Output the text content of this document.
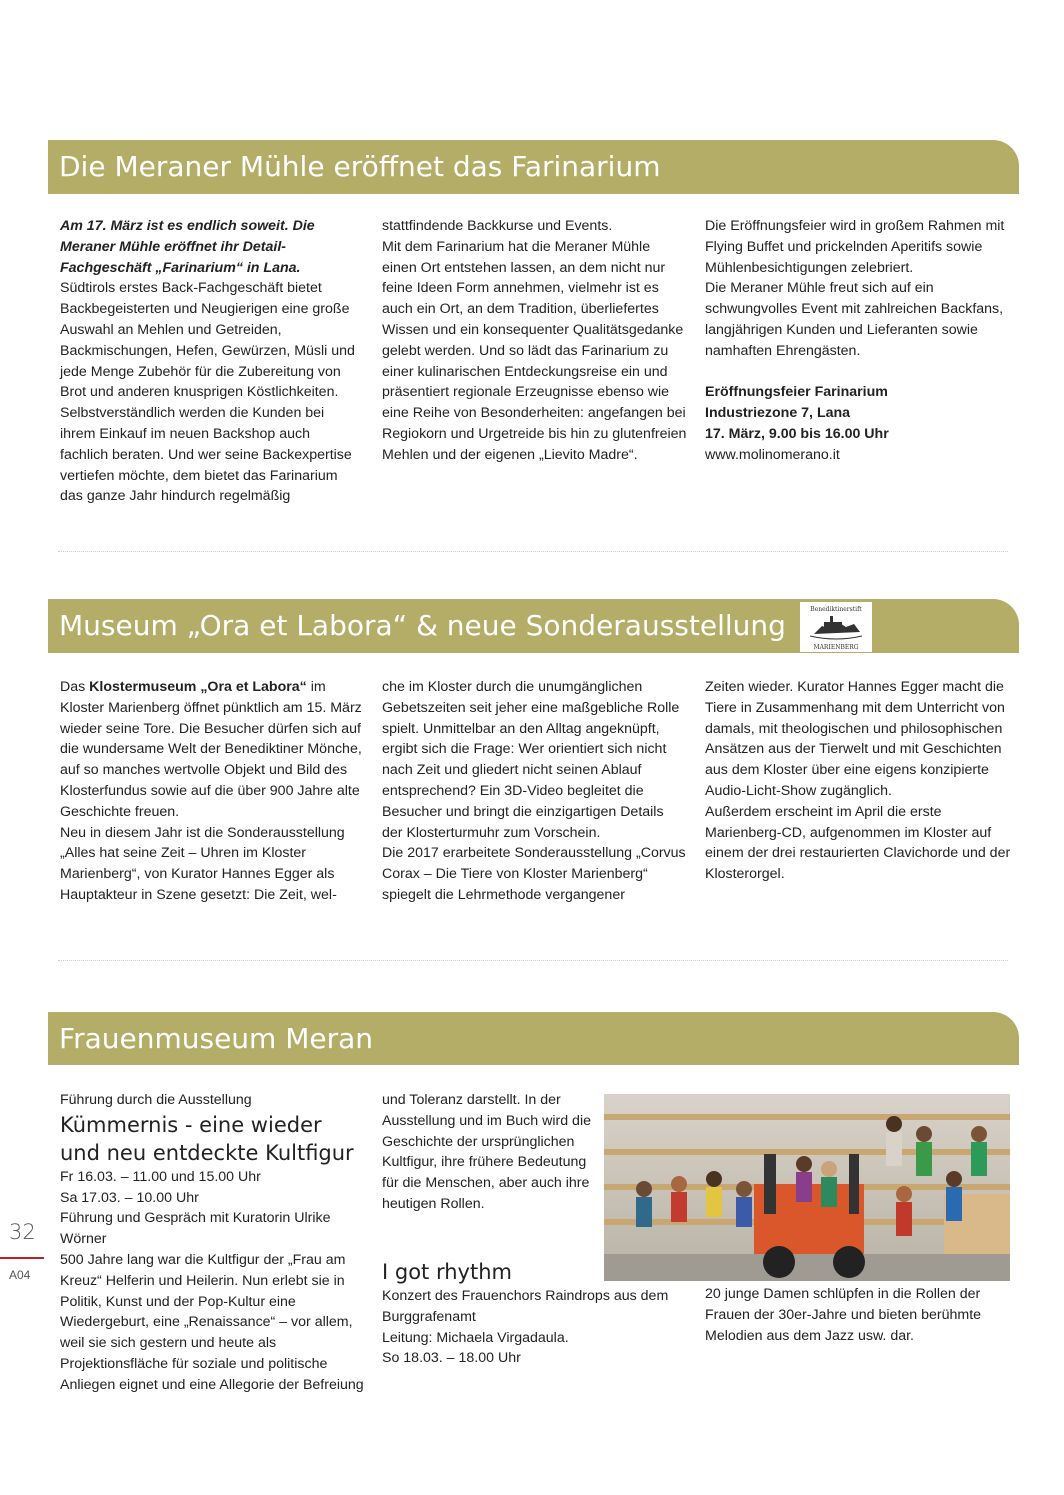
Die Meraner Mühle eröffnet das Farinarium

Am 17. März ist es endlich soweit. Die Meraner Mühle eröffnet ihr Detail-Fachgeschäft „Farinarium“ in Lana.

Südtirols erstes Back-Fachgeschäft bietet Backbegeisterten und Neugierigen eine große Auswahl an Mehlen und Getreiden, Backmischungen, Hefen, Gewürzen, Müsli und jede Menge Zubehör für die Zubereitung von Brot und anderen knusprigen Köstlichkeiten. Selbstverständlich werden die Kunden bei ihrem Einkauf im neuen Backshop auch fachlich beraten. Und wer seine Backexpertise vertiefen möchte, dem bietet das Farinarium das ganze Jahr hindurch regelmäßig

stattfindende Backkurse und Events.

Mit dem Farinarium hat die Meraner Mühle einen Ort entstehen lassen, an dem nicht nur feine Ideen Form annehmen, vielmehr ist es auch ein Ort, an dem Tradition, überliefertes Wissen und ein konsequenter Qualitätsgedanke gelebt werden. Und so lädt das Farinarium zu einer kulinarischen Entdeckungsreise ein und präsentiert regionale Erzeugnisse ebenso wie eine Reihe von Besonderheiten: angefangen bei Regiokorn und Urgetreide bis hin zu glutenfreien Mehlen und der eigenen „Lievito Madre“.

Die Eröffnungsfeier wird in großem Rahmen mit Flying Buffet und prickelnden Aperitifs sowie Mühlenbesichtigungen zelebriert.

Die Meraner Mühle freut sich auf ein schwungvolles Event mit zahlreichen Backfans, langjährigen Kunden und Lieferanten sowie namhaften Ehrengästen.

Eröffnungsfeier Farinarium

Industriezone 7, Lana

17. März, 9.00 bis 16.00 Uhr

www.molinomerano.it

Museum „Ora et Labora“ & neue Sonderausstellung	Benediktinerstift
MARIENBERG

Das Klostermuseum „Ora et Labora“ im Kloster Marienberg öffnet pünktlich am 15. März wieder seine Tore. Die Besucher dürfen sich auf die wundersame Welt der Benediktiner Mönche, auf so manches wertvolle Objekt und Bild des Klosterfundus sowie auf die über 900 Jahre alte Geschichte freuen.

Neu in diesem Jahr ist die Sonderausstellung „Alles hat seine Zeit – Uhren im Kloster Marienberg“, von Kurator Hannes Egger als Hauptakteur in Szene gesetzt: Die Zeit, wel-

che im Kloster durch die unumgänglichen Gebetszeiten seit jeher eine maßgebliche Rolle spielt. Unmittelbar an den Alltag angeknüpft, ergibt sich die Frage: Wer orientiert sich nicht nach Zeit und gliedert nicht seinen Ablauf entsprechend? Ein 3D-Video begleitet die Besucher und bringt die einzigartigen Details der Klosterturmuhr zum Vorschein.

Die 2017 erarbeitete Sonderausstellung „Corvus Corax – Die Tiere von Kloster Marienberg“ spiegelt die Lehrmethode vergangener

Zeiten wieder. Kurator Hannes Egger macht die Tiere in Zusammenhang mit dem Unterricht von damals, mit theologischen und philosophischen Ansätzen aus der Tierwelt und mit Geschichten aus dem Kloster über eine eigens konzipierte Audio-Licht-Show zugänglich.

Außerdem erscheint im April die erste Marienberg-CD, aufgenommen im Kloster auf einem der drei restaurierten Clavichorde und der Klosterorgel.

Frauenmuseum Meran

Führung durch die Ausstellung

Kümmernis - eine wieder und neu entdeckte Kultfigur

Fr 16.03. – 11.00 und 15.00 Uhr

Sa 17.03. – 10.00 Uhr

Führung und Gespräch mit Kuratorin Ulrike Wörner

500 Jahre lang war die Kultfigur der „Frau am Kreuz“ Helferin und Heilerin. Nun erlebt sie in Politik, Kunst und der Pop-Kultur eine Wiedergeburt, eine „Renaissance“ – vor allem, weil sie sich gestern und heute als Projektionsfläche für soziale und politische Anliegen eignet und eine Allegorie der Befreiung

und Toleranz darstellt. In der Ausstellung und im Buch wird die Geschichte der ursprünglichen Kultfigur, ihre frühere Bedeutung für die Menschen, aber auch ihre heutigen Rollen.

I got rhythm

Konzert des Frauenchors Raindrops aus dem Burggrafenamt

Leitung: Michaela Virgadaula.

So 18.03. – 18.00 Uhr

20 junge Damen schlüpfen in die Rollen der Frauen der 30er-Jahre und bieten berühmte Melodien aus dem Jazz usw. dar.

32
A04
